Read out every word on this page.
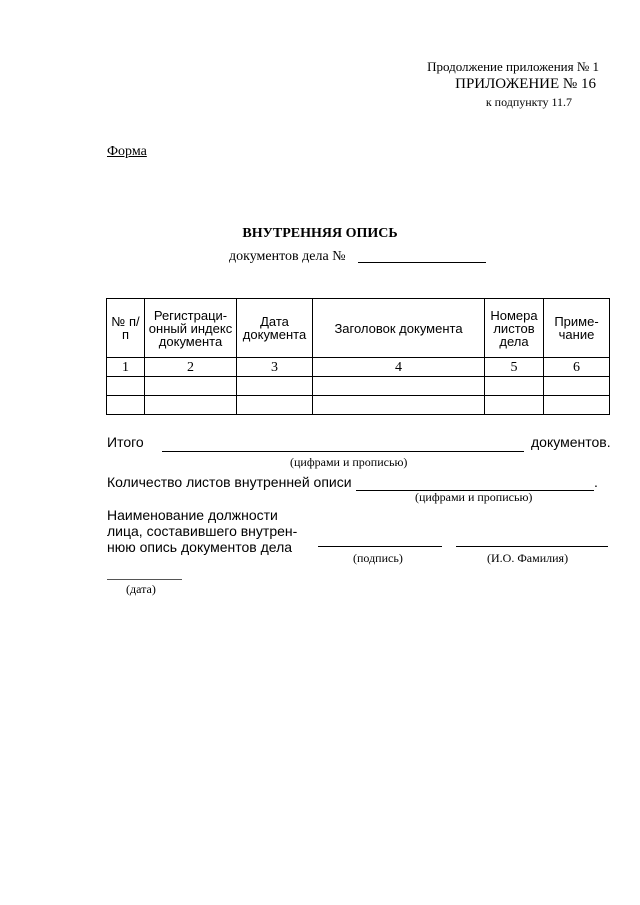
Продолжение приложения № 1
ПРИЛОЖЕНИЕ № 16
к подпункту 11.7
Форма
ВНУТРЕННЯЯ ОПИСЬ
документов дела №
№ п/п	Регистраци-онный индекс документа	Дата документа	Заголовок документа	Номера листов дела	Приме-чание
1	2	3	4	5	6

Итого	документов.
(цифрами и прописью)
Количество листов внутренней описи	.
(цифрами и прописью)
Наименование должности
лица, составившего внутрен-
нюю опись документов дела
(подпись)	(И.О. Фамилия)
(дата)
